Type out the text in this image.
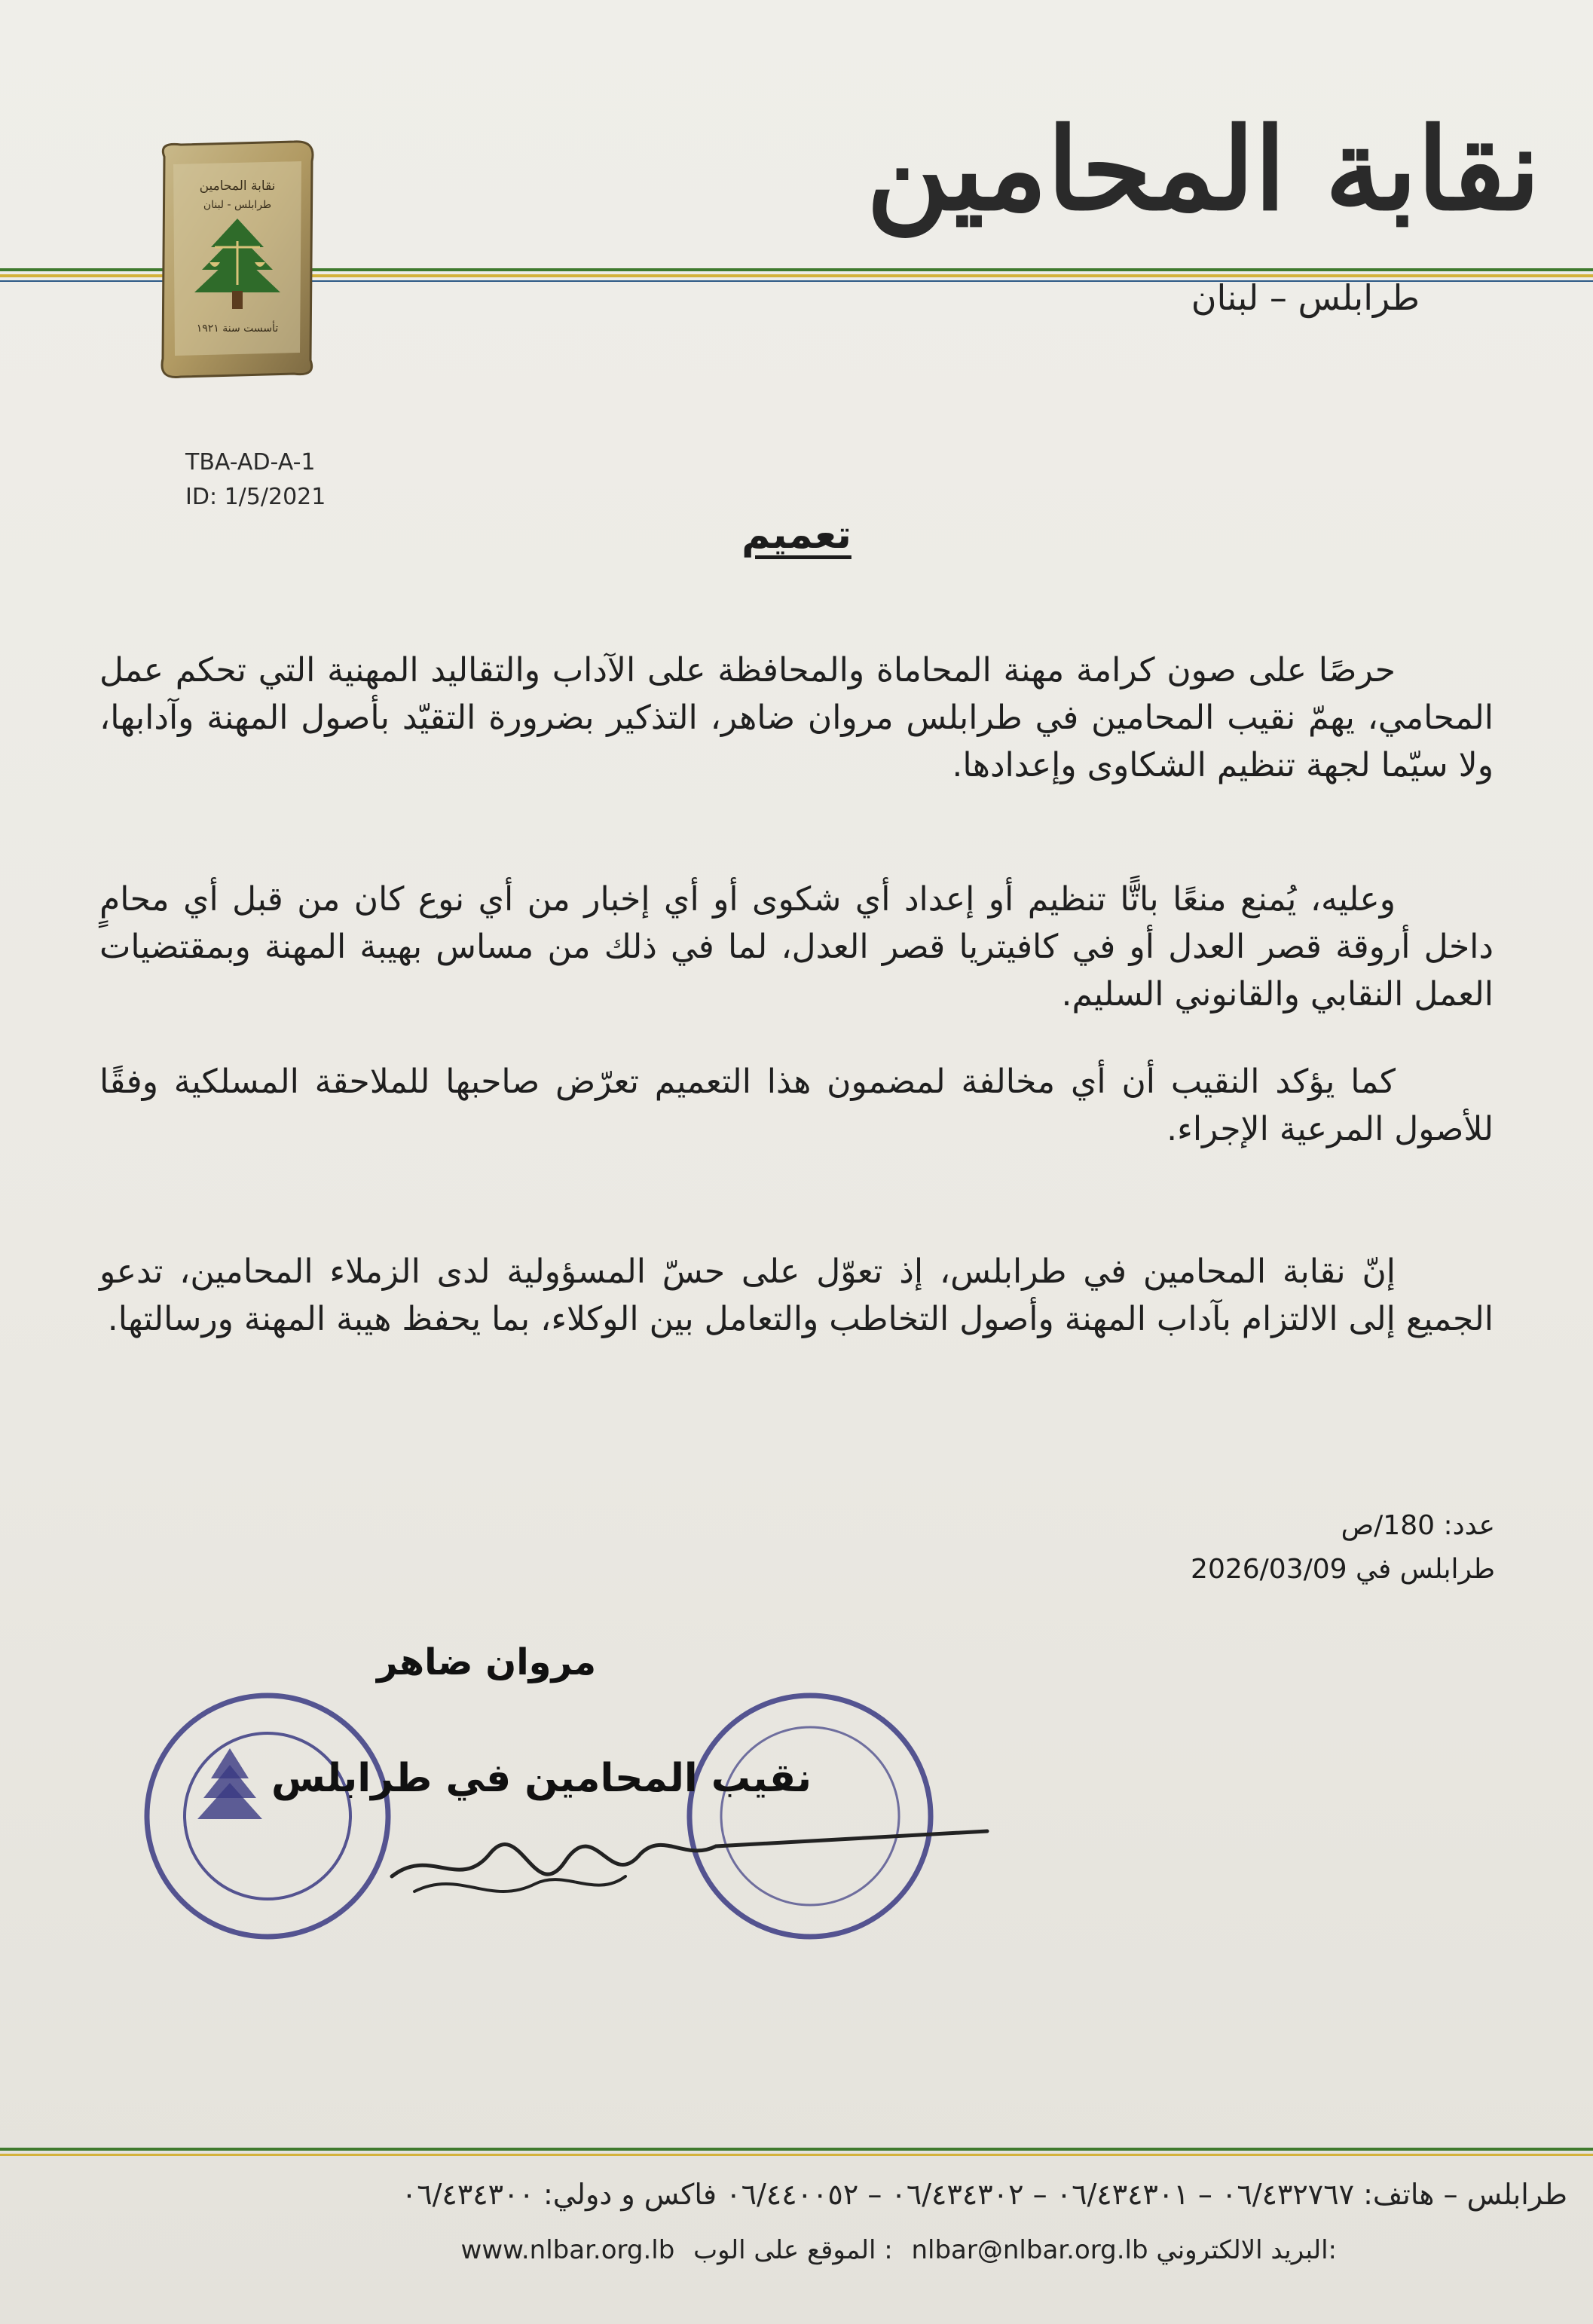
نقابة المحامين
طرابلس – لبنان
نقابة المحامين
طرابلس - لبنان
تأسست سنة ١٩٢١
TBA-AD-A-1
ID: 1/5/2021
تعميم

حرصًا على صون كرامة مهنة المحاماة والمحافظة على الآداب والتقاليد المهنية التي تحكم عمل المحامي، يهمّ نقيب المحامين في طرابلس مروان ضاهر، التذكير بضرورة التقيّد بأصول المهنة وآدابها، ولا سيّما لجهة تنظيم الشكاوى وإعدادها.

وعليه، يُمنع منعًا باتًّا تنظيم أو إعداد أي شكوى أو أي إخبار من أي نوع كان من قبل أي محامٍ داخل أروقة قصر العدل أو في كافيتريا قصر العدل، لما في ذلك من مساس بهيبة المهنة وبمقتضيات العمل النقابي والقانوني السليم.

كما يؤكد النقيب أن أي مخالفة لمضمون هذا التعميم تعرّض صاحبها للملاحقة المسلكية وفقًا للأصول المرعية الإجراء.

إنّ نقابة المحامين في طرابلس، إذ تعوّل على حسّ المسؤولية لدى الزملاء المحامين، تدعو الجميع إلى الالتزام بآداب المهنة وأصول التخاطب والتعامل بين الوكلاء، بما يحفظ هيبة المهنة ورسالتها.

عدد: 180/ص
طرابلس في 2026/03/09
مروان ضاهر
نقيب المحامين في طرابلس
طرابلس – هاتف: ٠٦/٤٣٢٧٦٧ – ٠٦/٤٣٤٣٠١ – ٠٦/٤٣٤٣٠٢ – ٠٦/٤٤٠٠٥٢ فاكس و دولي: ٠٦/٤٣٤٣٠٠
www.nlbar.org.lb الموقع على الوب : nlbar@nlbar.org.lb البريد الالكتروني:
